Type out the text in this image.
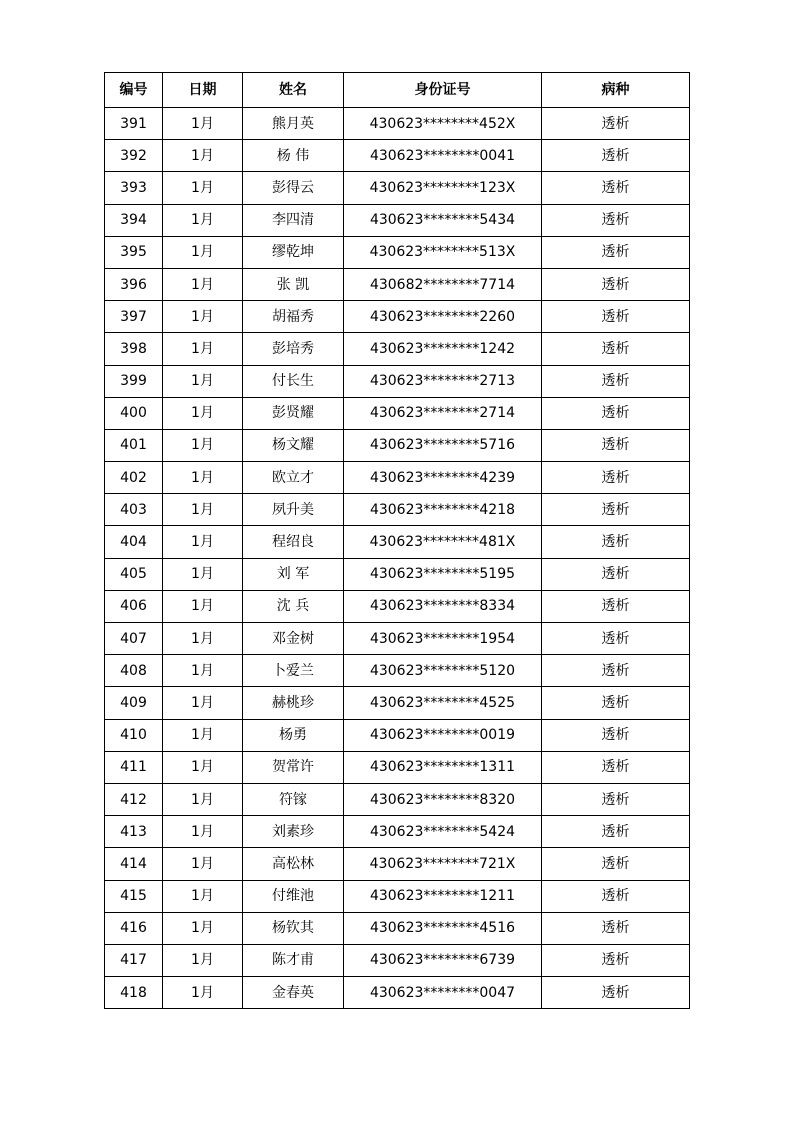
编号	日期	姓名	身份证号	病种
391	1月	熊月英	430623********452X	透析
392	1月	杨 伟	430623********0041	透析
393	1月	彭得云	430623********123X	透析
394	1月	李四清	430623********5434	透析
395	1月	缪乾坤	430623********513X	透析
396	1月	张 凯	430682********7714	透析
397	1月	胡福秀	430623********2260	透析
398	1月	彭培秀	430623********1242	透析
399	1月	付长生	430623********2713	透析
400	1月	彭贤耀	430623********2714	透析
401	1月	杨文耀	430623********5716	透析
402	1月	欧立才	430623********4239	透析
403	1月	夙升美	430623********4218	透析
404	1月	程绍良	430623********481X	透析
405	1月	刘 军	430623********5195	透析
406	1月	沈 兵	430623********8334	透析
407	1月	邓金树	430623********1954	透析
408	1月	卜爱兰	430623********5120	透析
409	1月	赫桃珍	430623********4525	透析
410	1月	杨勇	430623********0019	透析
411	1月	贺常许	430623********1311	透析
412	1月	符镓	430623********8320	透析
413	1月	刘素珍	430623********5424	透析
414	1月	高松林	430623********721X	透析
415	1月	付维池	430623********1211	透析
416	1月	杨钦其	430623********4516	透析
417	1月	陈才甫	430623********6739	透析
418	1月	金春英	430623********0047	透析
